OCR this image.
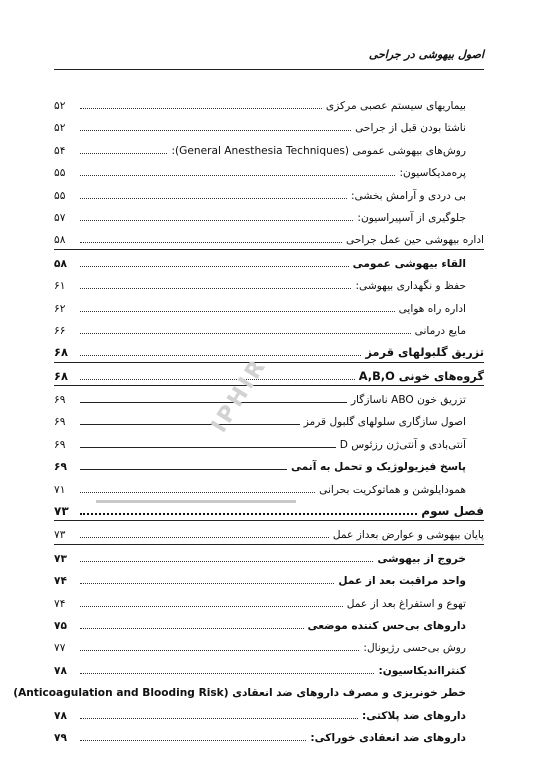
اصول بیهوشی در جراحی
بیماریهای سیستم عصبی مرکزی
۵۲
ناشتا بودن قبل از جراحی
۵۲
روش‌های بیهوشی عمومی (General Anesthesia Techniques):
۵۴
پره‌مدیکاسیون:
۵۵
بی دردی و آرامش بخشی:
۵۵
جلوگیری از آسپیراسیون:
۵۷
اداره بیهوشی حین عمل جراحی
۵۸
القاء بیهوشی عمومی
۵۸
حفظ و نگهداری بیهوشی:
۶۱
اداره راه هوایی
۶۲
مایع درمانی
۶۶
تزریق گلبولهای قرمز
۶۸
گروه‌های خونی A,B,O
۶۸
تزریق خون ABO ناسازگار
۶۹
اصول سازگاری سلولهای گلبول قرمز
۶۹
آنتی‌بادی و آنتی‌ژن رزئوس D
۶۹
پاسخ فیزیولوژیک و تحمل به آنمی
۶۹
همودایلوشن و هماتوکریت بحرانی
۷۱
فصل سوم
۷۳
پایان بیهوشی و عوارض بعداز عمل
۷۳
خروج از بیهوشی
۷۳
واحد مراقبت بعد از عمل
۷۴
تهوع و استفراغ بعد از عمل
۷۴
داروهای بی‌حس کننده موضعی
۷۵
روش بی‌حسی رژیونال:
۷۷
کنترااندیکاسیون:
۷۸
خطر خونریزی و مصرف داروهای ضد انعقادی (Anticoagulation and Blooding Risk)
داروهای ضد پلاکتی:
۷۸
داروهای ضد انعقادی خوراکی:
۷۹
IPHIR
